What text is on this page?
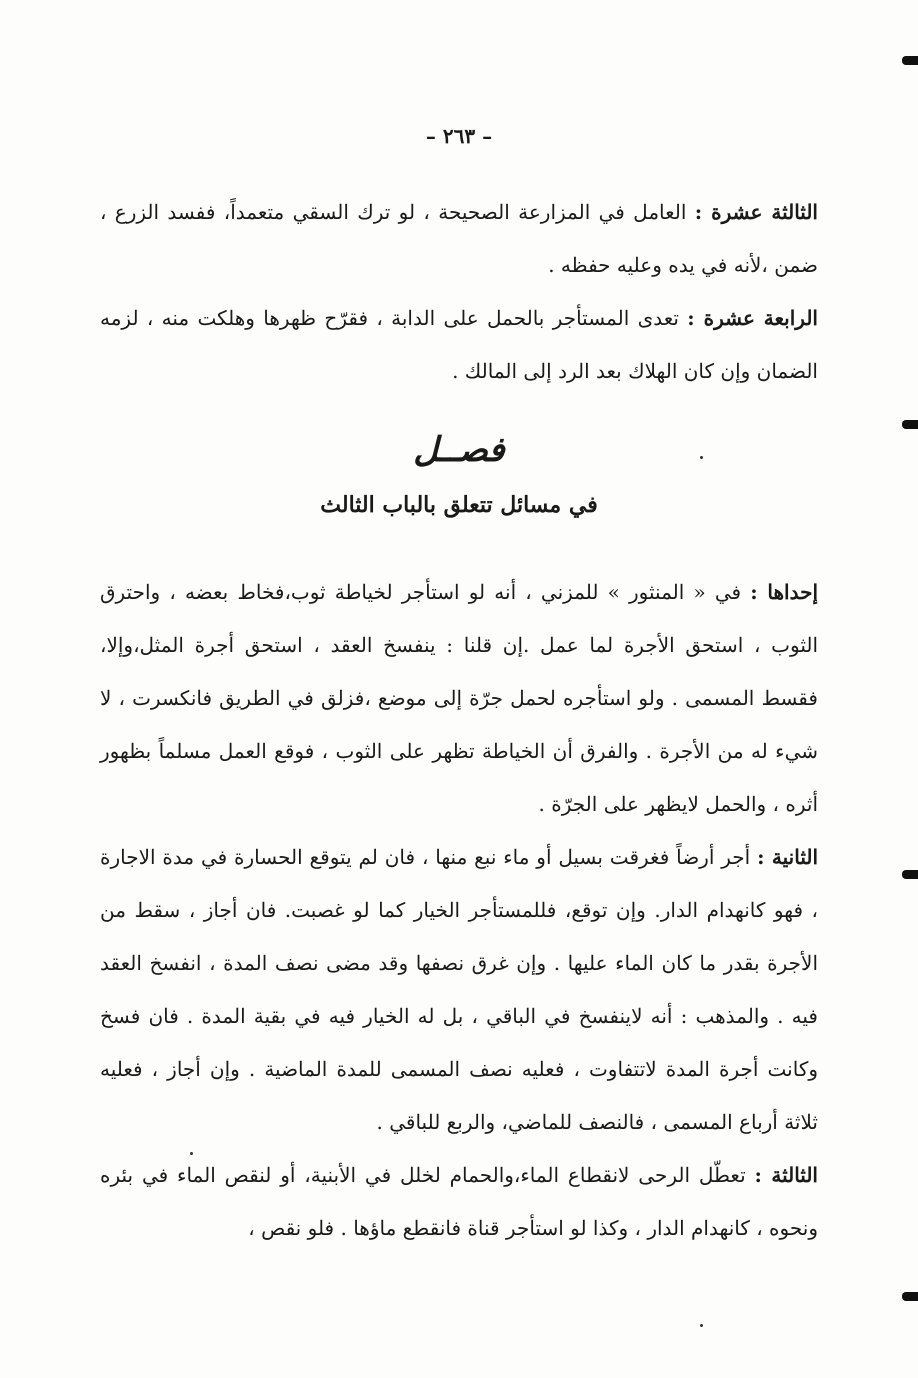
– ٢٦٣ –

الثالثة عشرة : العامل في المزارعة الصحيحة ، لو ترك السقي متعمداً، ففسد الزرع ، ضمن ،لأنه في يده وعليه حفظه .

الرابعة عشرة : تعدى المستأجر بالحمل على الدابة ، فقرّح ظهرها وهلكت منه ، لزمه الضمان وإن كان الهلاك بعد الرد إلى المالك .

فصــل
في مسائل تتعلق بالباب الثالث

إحداها : في « المنثور » للمزني ، أنه لو استأجر لخياطة ثوب،فخاط بعضه ، واحترق الثوب ، استحق الأجرة لما عمل .إن قلنا : ينفسخ العقد ، استحق أجرة المثل،وإلا، فقسط المسمى . ولو استأجره لحمل جرّة إلى موضع ،فزلق في الطريق فانكسرت ، لا شيء له من الأجرة . والفرق أن الخياطة تظهر على الثوب ، فوقع العمل مسلماً بظهور أثره ، والحمل لايظهر على الجرّة .

الثانية : أجر أرضاً فغرقت بسيل أو ماء نبع منها ، فان لم يتوقع الحسارة في مدة الاجارة ، فهو كانهدام الدار. وإن توقع، فللمستأجر الخيار كما لو غصبت. فان أجاز ، سقط من الأجرة بقدر ما كان الماء عليها . وإن غرق نصفها وقد مضى نصف المدة ، انفسخ العقد فيه . والمذهب : أنه لاينفسخ في الباقي ، بل له الخيار فيه في بقية المدة . فان فسخ وكانت أجرة المدة لاتتفاوت ، فعليه نصف المسمى للمدة الماضية . وإن أجاز ، فعليه ثلاثة أرباع المسمى ، فالنصف للماضي، والربع للباقي .

الثالثة : تعطّل الرحى لانقطاع الماء،والحمام لخلل في الأبنية، أو لنقص الماء في بئره ونحوه ، كانهدام الدار ، وكذا لو استأجر قناة فانقطع ماؤها . فلو نقص ،
